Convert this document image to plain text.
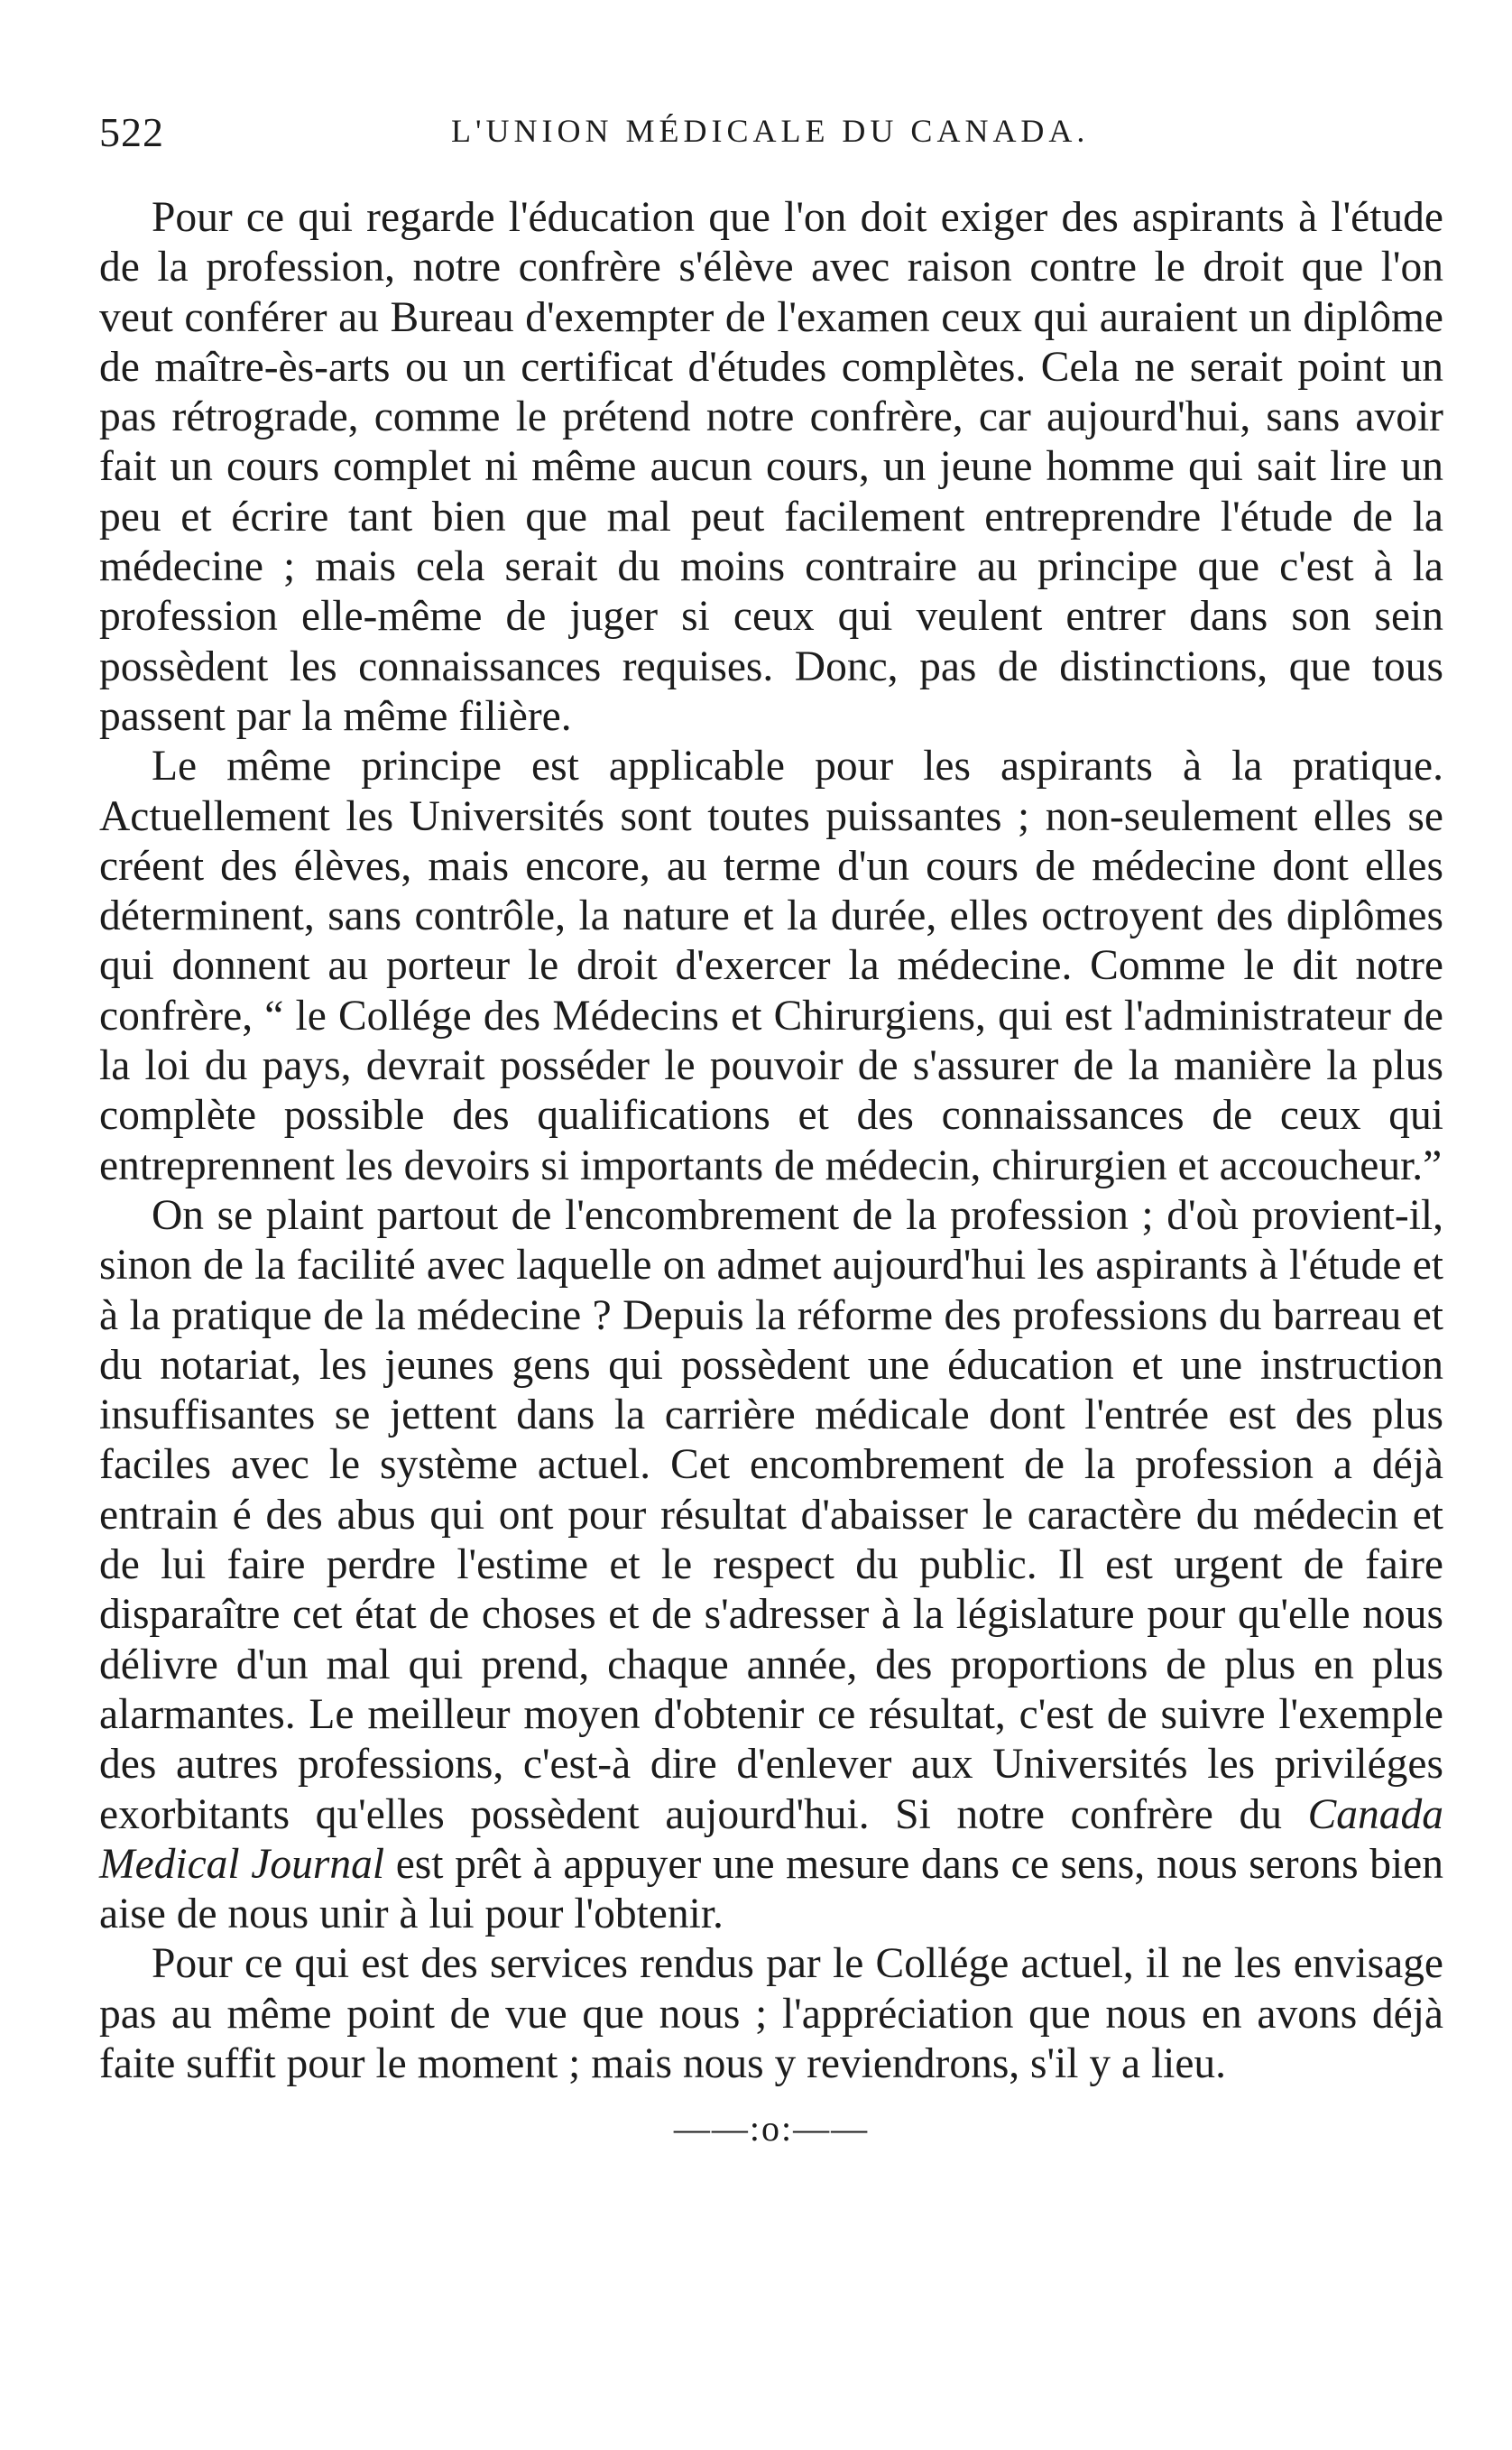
522	L'UNION MÉDICALE DU CANADA.

Pour ce qui regarde l'éducation que l'on doit exiger des aspirants à l'étude de la profession, notre confrère s'élève avec raison contre le droit que l'on veut conférer au Bureau d'exempter de l'examen ceux qui auraient un diplôme de maître-ès-arts ou un certificat d'études complètes. Cela ne serait point un pas rétrograde, comme le prétend notre confrère, car aujourd'hui, sans avoir fait un cours complet ni même aucun cours, un jeune homme qui sait lire un peu et écrire tant bien que mal peut facilement entreprendre l'étude de la médecine ; mais cela serait du moins contraire au principe que c'est à la profession elle-même de juger si ceux qui veulent entrer dans son sein possèdent les connaissances requises. Donc, pas de distinctions, que tous passent par la même filière.

Le même principe est applicable pour les aspirants à la pratique. Actuellement les Universités sont toutes puissantes ; non-seulement elles se créent des élèves, mais encore, au terme d'un cours de médecine dont elles déterminent, sans contrôle, la nature et la durée, elles octroyent des diplômes qui donnent au porteur le droit d'exercer la médecine. Comme le dit notre confrère, “ le Collége des Médecins et Chirurgiens, qui est l'administrateur de la loi du pays, devrait posséder le pouvoir de s'assurer de la manière la plus complète possible des qualifications et des connaissances de ceux qui entreprennent les devoirs si importants de médecin, chirurgien et accoucheur.”

On se plaint partout de l'encombrement de la profession ; d'où provient-il, sinon de la facilité avec laquelle on admet aujourd'hui les aspirants à l'étude et à la pratique de la médecine ? Depuis la réforme des professions du barreau et du notariat, les jeunes gens qui possèdent une éducation et une instruction insuffisantes se jettent dans la carrière médicale dont l'entrée est des plus faciles avec le système actuel. Cet encombrement de la profession a déjà entrain é des abus qui ont pour résultat d'abaisser le caractère du médecin et de lui faire perdre l'estime et le respect du public. Il est urgent de faire disparaître cet état de choses et de s'adresser à la législature pour qu'elle nous délivre d'un mal qui prend, chaque année, des proportions de plus en plus alarmantes. Le meilleur moyen d'obtenir ce résultat, c'est de suivre l'exemple des autres professions, c'est-à dire d'enlever aux Universités les priviléges exorbitants qu'elles possèdent aujourd'hui. Si notre confrère du Canada Medical Journal est prêt à appuyer une mesure dans ce sens, nous serons bien aise de nous unir à lui pour l'obtenir.

Pour ce qui est des services rendus par le Collége actuel, il ne les envisage pas au même point de vue que nous ; l'appréciation que nous en avons déjà faite suffit pour le moment ; mais nous y reviendrons, s'il y a lieu.

——:o:——
